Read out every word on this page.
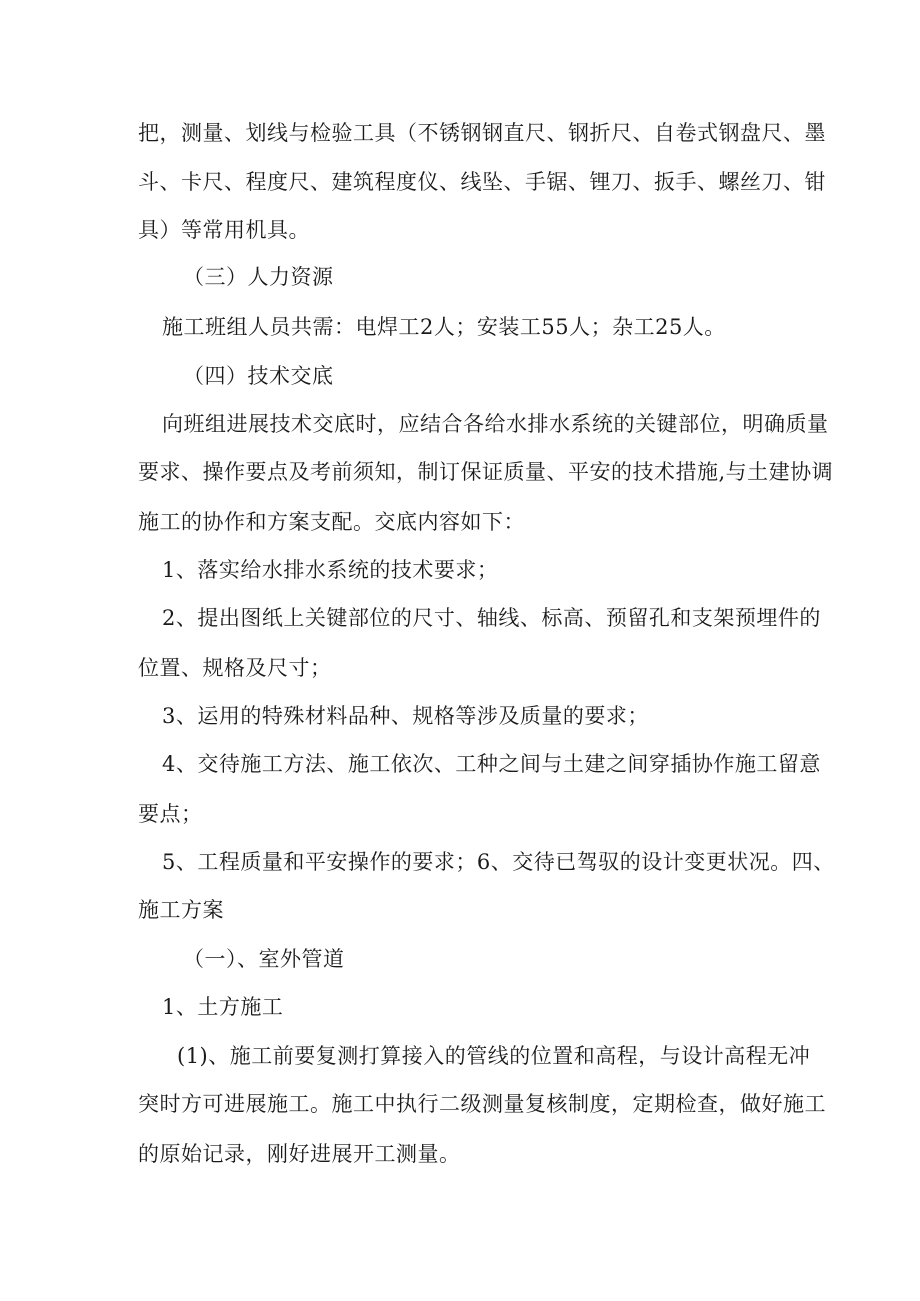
把，测量、划线与检验工具（不锈钢钢直尺、钢折尺、自卷式钢盘尺、墨
斗、卡尺、程度尺、建筑程度仪、线坠、手锯、锂刀、扳手、螺丝刀、钳
具）等常用机具。
（三）人力资源
施工班组人员共需：电焊工2人；安装工55人；杂工25人。
（四）技术交底
向班组进展技术交底时，应结合各给水排水系统的关键部位，明确质量
要求、操作要点及考前须知，制订保证质量、平安的技术措施,与土建协调
施工的协作和方案支配。交底内容如下：
1、落实给水排水系统的技术要求；
2、提出图纸上关键部位的尺寸、轴线、标高、预留孔和支架预埋件的
位置、规格及尺寸；
3、运用的特殊材料品种、规格等涉及质量的要求；
4、交待施工方法、施工依次、工种之间与土建之间穿插协作施工留意
要点；
5、工程质量和平安操作的要求；6、交待已驾驭的设计变更状况。四、
施工方案
（一）、室外管道
1、土方施工
(1)、施工前要复测打算接入的管线的位置和高程，与设计高程无冲
突时方可进展施工。施工中执行二级测量复核制度，定期检查，做好施工
的原始记录，刚好进展开工测量。
